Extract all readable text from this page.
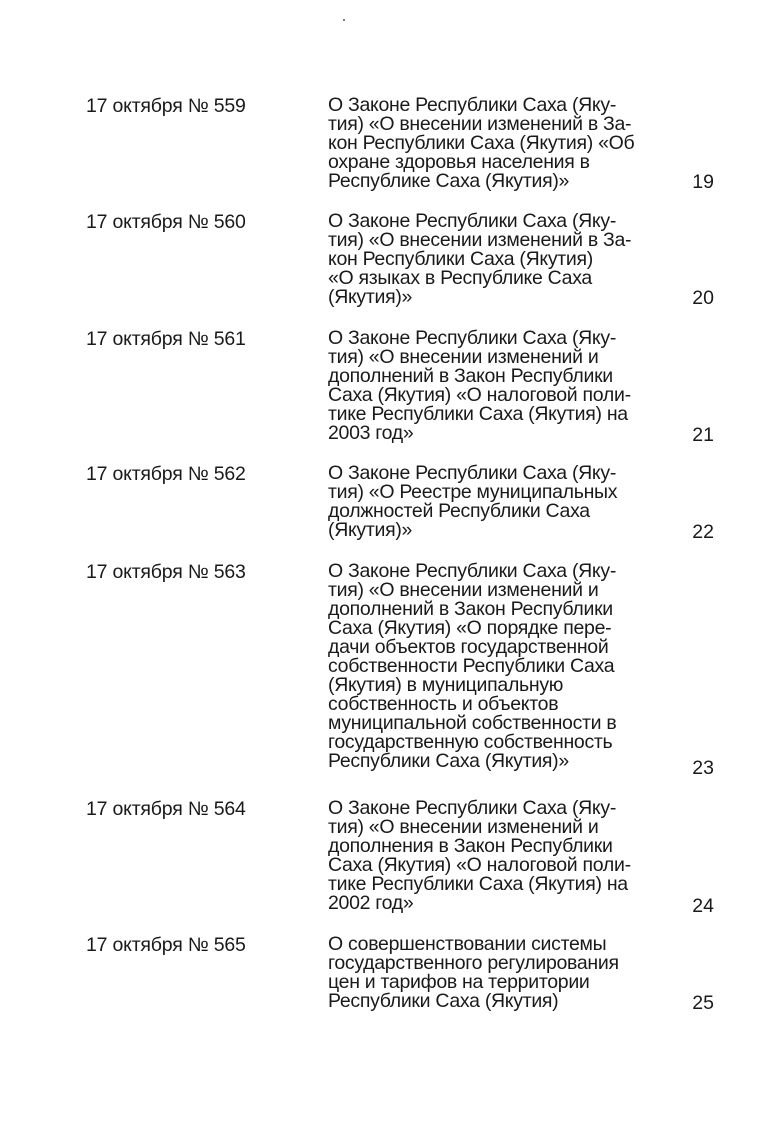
17 октября № 559	О Законе Республики Саха (Яку-
тия) «О внесении изменений в За-
кон Республики Саха (Якутия) «Об
охране здоровья населения в
Республике Саха (Якутия)»	19
17 октября № 560	О Законе Республики Саха (Яку-
тия) «О внесении изменений в За-
кон Республики Саха (Якутия)
«О языках в Республике Саха
(Якутия)»	20
17 октября № 561	О Законе Республики Саха (Яку-
тия) «О внесении изменений и
дополнений в Закон Республики
Саха (Якутия) «О налоговой поли-
тике Республики Саха (Якутия) на
2003 год»	21
17 октября № 562	О Законе Республики Саха (Яку-
тия) «О Реестре муниципальных
должностей Республики Саха
(Якутия)»	22
17 октября № 563	О Законе Республики Саха (Яку-
тия) «О внесении изменений и
дополнений в Закон Республики
Саха (Якутия) «О порядке пере-
дачи объектов государственной
собственности Республики Саха
(Якутия) в муниципальную
собственность и объектов
муниципальной собственности в
государственную собственность
Республики Саха (Якутия)»	23
17 октября № 564	О Законе Республики Саха (Яку-
тия) «О внесении изменений и
дополнения в Закон Республики
Саха (Якутия) «О налоговой поли-
тике Республики Саха (Якутия) на
2002 год»	24
17 октября № 565	О совершенствовании системы
государственного регулирования
цен и тарифов на территории
Республики Саха (Якутия)	25
